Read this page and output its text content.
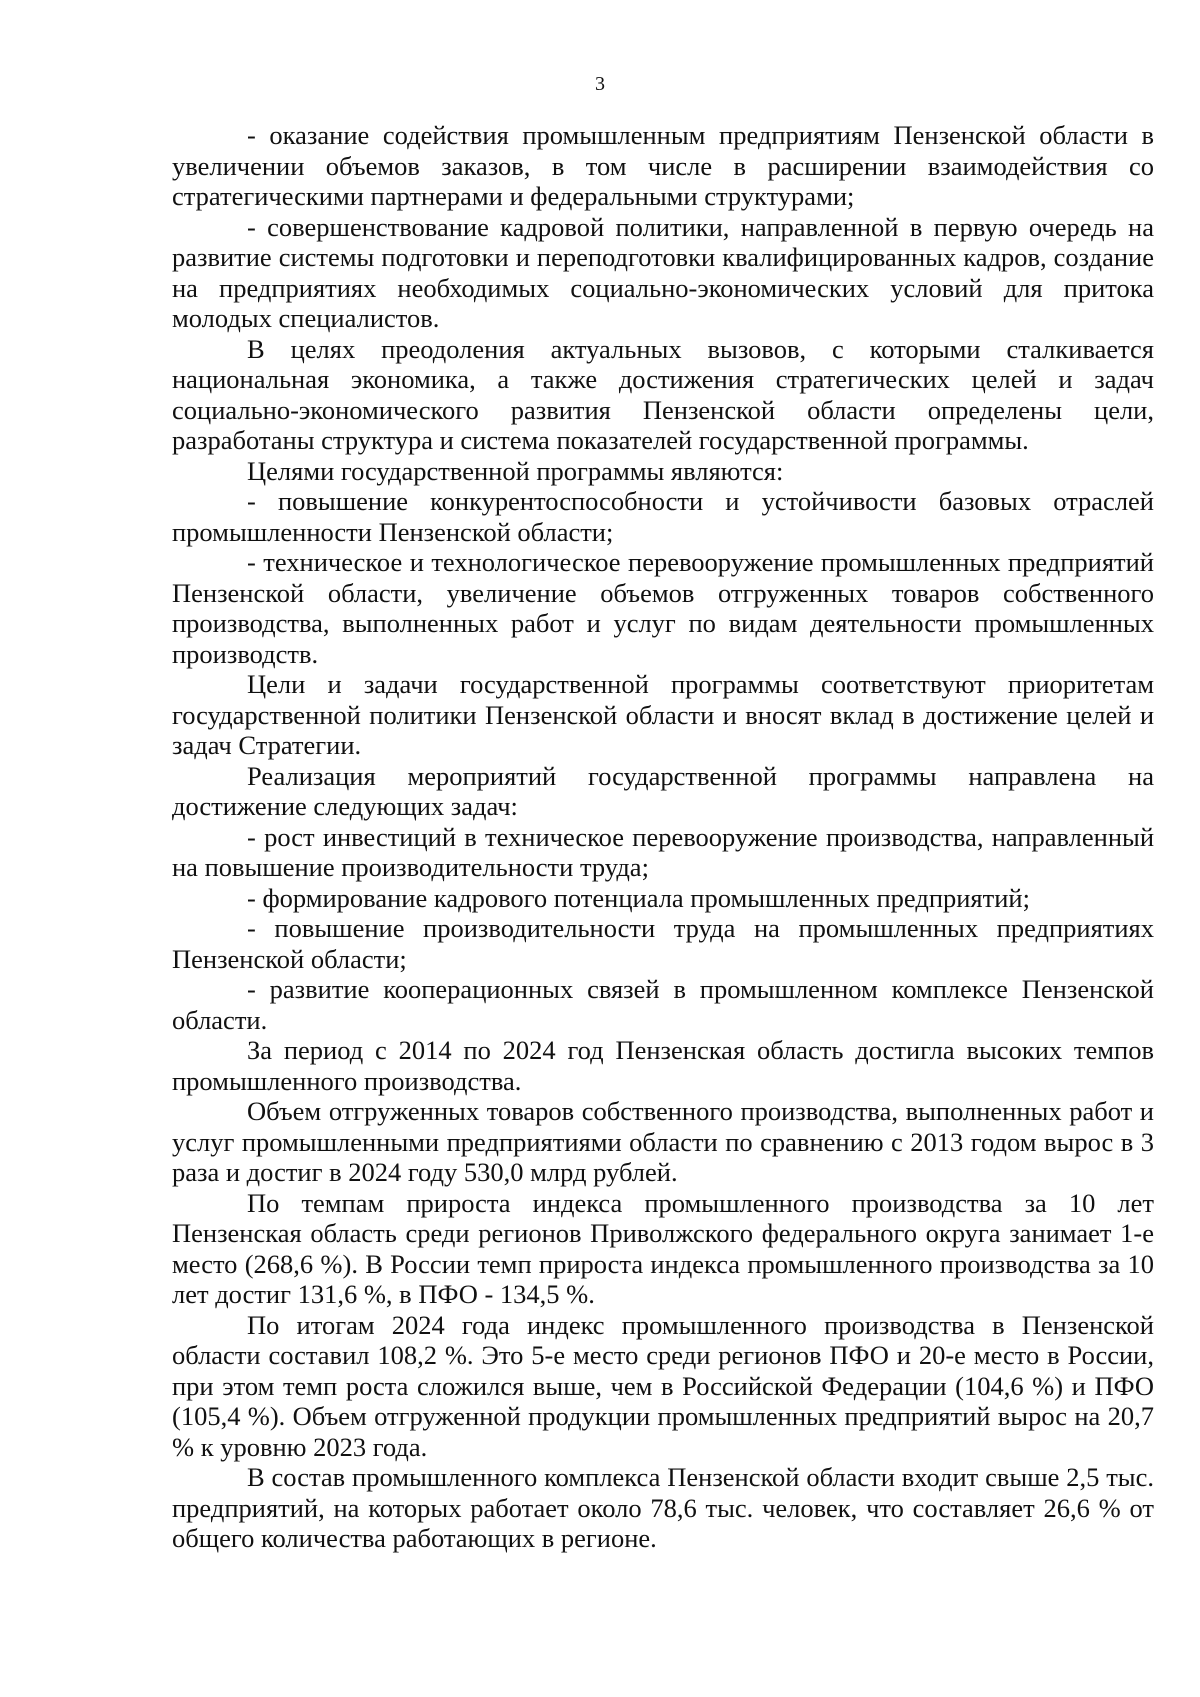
3

- оказание содействия промышленным предприятиям Пензенской области в увеличении объемов заказов, в том числе в расширении взаимодействия со стратегическими партнерами и федеральными структурами;

- совершенствование кадровой политики, направленной в первую очередь на развитие системы подготовки и переподготовки квалифицированных кадров, создание на предприятиях необходимых социально-экономических условий для притока молодых специалистов.

В целях преодоления актуальных вызовов, с которыми сталкивается национальная экономика, а также достижения стратегических целей и задач социально-экономического развития Пензенской области определены цели, разработаны структура и система показателей государственной программы.

Целями государственной программы являются:

- повышение конкурентоспособности и устойчивости базовых отраслей промышленности Пензенской области;

- техническое и технологическое перевооружение промышленных предприятий Пензенской области, увеличение объемов отгруженных товаров собственного производства, выполненных работ и услуг по видам деятельности промышленных производств.

Цели и задачи государственной программы соответствуют приоритетам государственной политики Пензенской области и вносят вклад в достижение целей и задач Стратегии.

Реализация мероприятий государственной программы направлена на достижение следующих задач:

- рост инвестиций в техническое перевооружение производства, направленный на повышение производительности труда;

- формирование кадрового потенциала промышленных предприятий;

- повышение производительности труда на промышленных предприятиях Пензенской области;

- развитие кооперационных связей в промышленном комплексе Пензенской области.

За период с 2014 по 2024 год Пензенская область достигла высоких темпов промышленного производства.

Объем отгруженных товаров собственного производства, выполненных работ и услуг промышленными предприятиями области по сравнению с 2013 годом вырос в 3 раза и достиг в 2024 году 530,0 млрд рублей.

По темпам прироста индекса промышленного производства за 10 лет Пензенская область среди регионов Приволжского федерального округа занимает 1-е место (268,6 %). В России темп прироста индекса промышленного производства за 10 лет достиг 131,6 %, в ПФО - 134,5 %.

По итогам 2024 года индекс промышленного производства в Пензенской области составил 108,2 %. Это 5-е место среди регионов ПФО и 20-е место в России, при этом темп роста сложился выше, чем в Российской Федерации (104,6 %) и ПФО (105,4 %). Объем отгруженной продукции промышленных предприятий вырос на 20,7 % к уровню 2023 года.

В состав промышленного комплекса Пензенской области входит свыше 2,5 тыс. предприятий, на которых работает около 78,6 тыс. человек, что составляет 26,6 % от общего количества работающих в регионе.
